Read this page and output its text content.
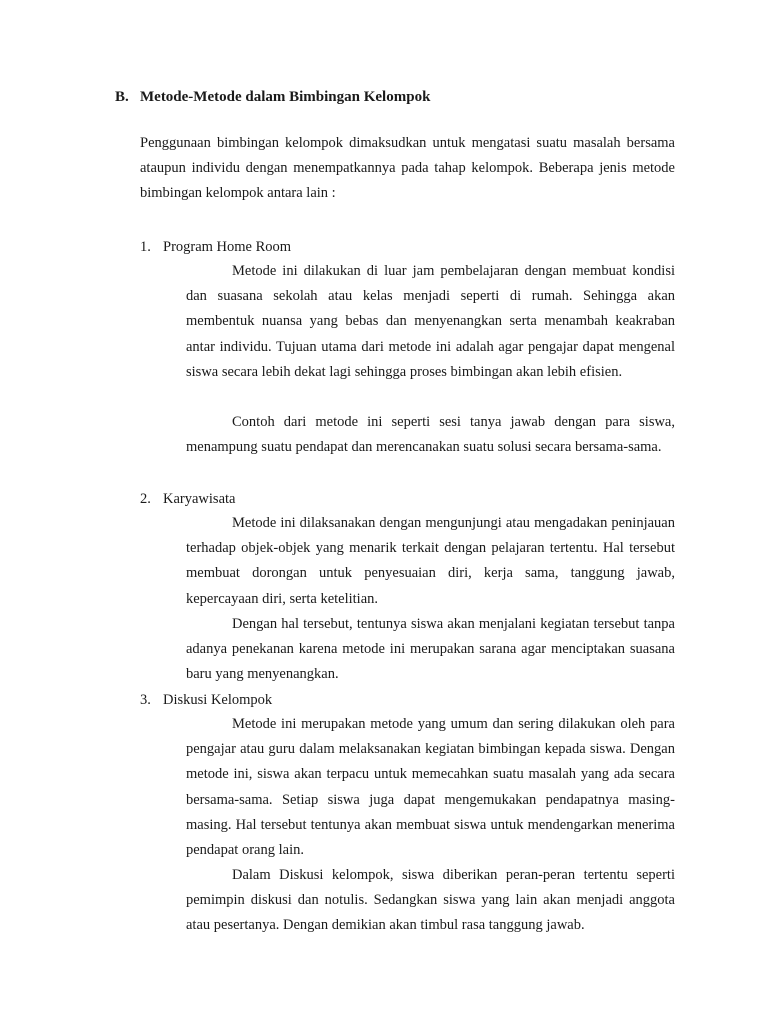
B. Metode-Metode dalam Bimbingan Kelompok

Penggunaan bimbingan kelompok dimaksudkan untuk mengatasi suatu masalah bersama ataupun individu dengan menempatkannya pada tahap kelompok. Beberapa jenis metode bimbingan kelompok antara lain :

1. Program Home Room

Metode ini dilakukan di luar jam pembelajaran dengan membuat kondisi dan suasana sekolah atau kelas menjadi seperti di rumah. Sehingga akan membentuk nuansa yang bebas dan menyenangkan serta menambah keakraban antar individu. Tujuan utama dari metode ini adalah agar pengajar dapat mengenal siswa secara lebih dekat lagi sehingga proses bimbingan akan lebih efisien.

Contoh dari metode ini seperti sesi tanya jawab dengan para siswa, menampung suatu pendapat dan merencanakan suatu solusi secara bersama-sama.

2. Karyawisata

Metode ini dilaksanakan dengan mengunjungi atau mengadakan peninjauan terhadap objek-objek yang menarik terkait dengan pelajaran tertentu. Hal tersebut membuat dorongan untuk penyesuaian diri, kerja sama, tanggung jawab, kepercayaan diri, serta ketelitian.

Dengan hal tersebut, tentunya siswa akan menjalani kegiatan tersebut tanpa adanya penekanan karena metode ini merupakan sarana agar menciptakan suasana baru yang menyenangkan.

3. Diskusi Kelompok

Metode ini merupakan metode yang umum dan sering dilakukan oleh para pengajar atau guru dalam melaksanakan kegiatan bimbingan kepada siswa. Dengan metode ini, siswa akan terpacu untuk memecahkan suatu masalah yang ada secara bersama-sama. Setiap siswa juga dapat mengemukakan pendapatnya masing-masing. Hal tersebut tentunya akan membuat siswa untuk mendengarkan menerima pendapat orang lain.

Dalam Diskusi kelompok, siswa diberikan peran-peran tertentu seperti pemimpin diskusi dan notulis. Sedangkan siswa yang lain akan menjadi anggota atau pesertanya. Dengan demikian akan timbul rasa tanggung jawab.
